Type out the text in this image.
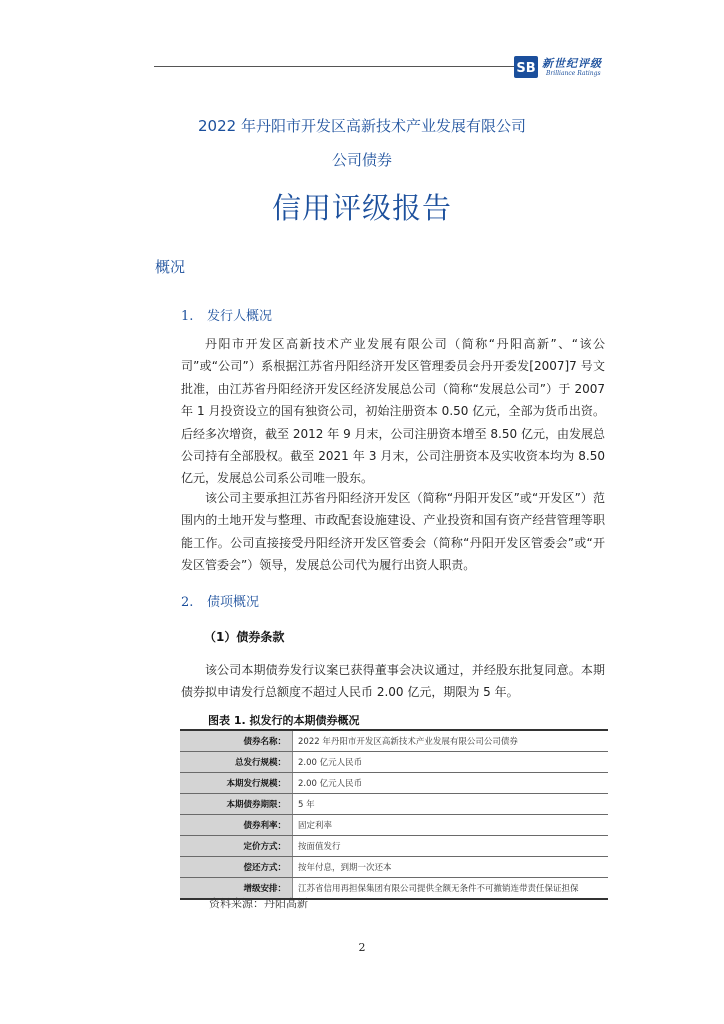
SB 新世纪评级
Brilliance Ratings
2022 年丹阳市开发区高新技术产业发展有限公司
公司债券
信用评级报告
概况
1. 发行人概况
丹阳市开发区高新技术产业发展有限公司（简称“丹阳高新”、“该公司”或“公司”）系根据江苏省丹阳经济开发区管理委员会丹开委发[2007]7 号文批准，由江苏省丹阳经济开发区经济发展总公司（简称“发展总公司”）于 2007 年 1 月投资设立的国有独资公司，初始注册资本 0.50 亿元，全部为货币出资。后经多次增资，截至 2012 年 9 月末，公司注册资本增至 8.50 亿元，由发展总公司持有全部股权。截至 2021 年 3 月末，公司注册资本及实收资本均为 8.50 亿元，发展总公司系公司唯一股东。
该公司主要承担江苏省丹阳经济开发区（简称“丹阳开发区”或“开发区”）范围内的土地开发与整理、市政配套设施建设、产业投资和国有资产经营管理等职能工作。公司直接接受丹阳经济开发区管委会（简称“丹阳开发区管委会”或“开发区管委会”）领导，发展总公司代为履行出资人职责。
2. 债项概况
（1）债券条款
该公司本期债券发行议案已获得董事会决议通过，并经股东批复同意。本期债券拟申请发行总额度不超过人民币 2.00 亿元，期限为 5 年。
图表 1. 拟发行的本期债券概况
债券名称：	2022 年丹阳市开发区高新技术产业发展有限公司公司债券
总发行规模：	2.00 亿元人民币
本期发行规模：	2.00 亿元人民币
本期债券期限：	5 年
债券利率：	固定利率
定价方式：	按面值发行
偿还方式：	按年付息，到期一次还本
增级安排：	江苏省信用再担保集团有限公司提供全额无条件不可撤销连带责任保证担保
资料来源：丹阳高新
2
